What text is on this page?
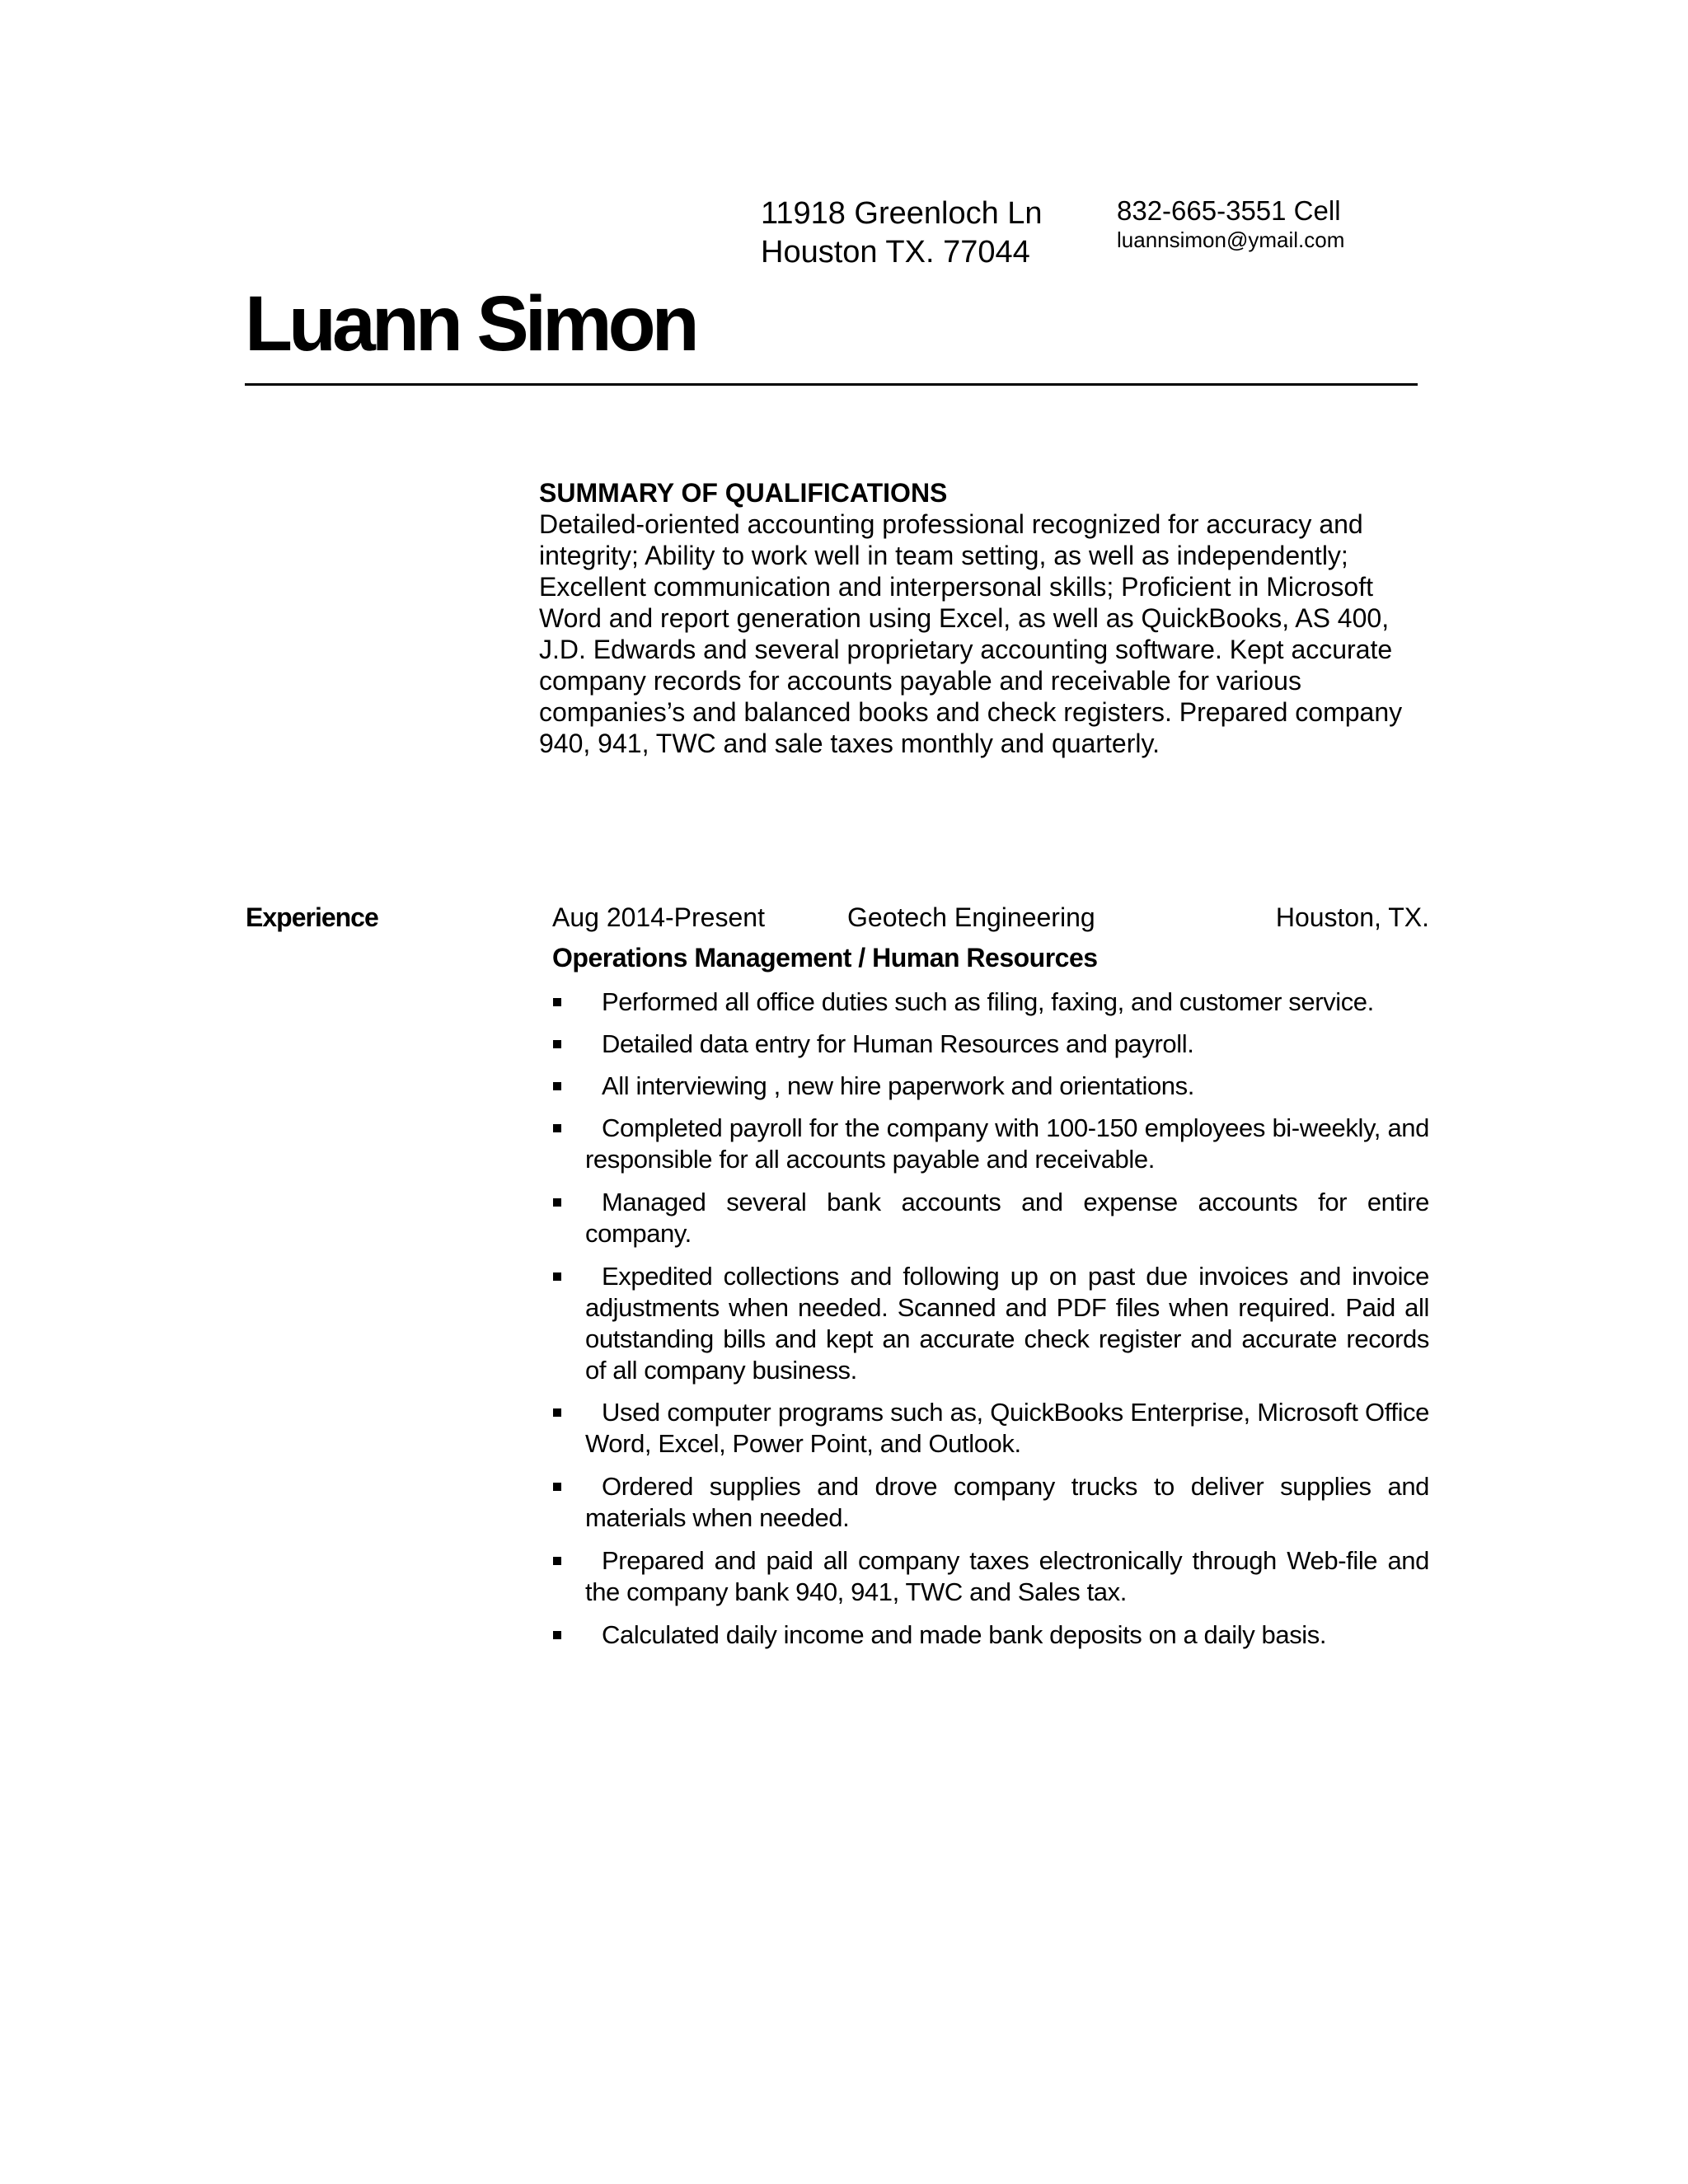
11918 Greenloch Ln
Houston TX. 77044
832-665-3551 Cell
luannsimon@ymail.com
Luann Simon
SUMMARY OF QUALIFICATIONS
Detailed-oriented accounting professional recognized for accuracy and integrity; Ability to work well in team setting, as well as independently; Excellent communication and interpersonal skills; Proficient in Microsoft Word and report generation using Excel, as well as QuickBooks, AS 400, J.D. Edwards and several proprietary accounting software. Kept accurate company records for accounts payable and receivable for various companies’s and balanced books and check registers. Prepared company 940, 941, TWC and sale taxes monthly and quarterly.
Experience	Aug 2014-Present	Geotech Engineering	Houston, TX.
Operations Management / Human Resources
Performed all office duties such as filing, faxing, and customer service.
Detailed data entry for Human Resources and payroll.
All interviewing , new hire paperwork and orientations.
Completed payroll for the company with 100-150 employees bi-weekly, and responsible for all accounts payable and receivable.
Managed several bank accounts and expense accounts for entire company.
Expedited collections and following up on past due invoices and invoice adjustments when needed. Scanned and PDF files when required. Paid all outstanding bills and kept an accurate check register and accurate records of all company business.
Used computer programs such as, QuickBooks Enterprise, Microsoft Office Word, Excel, Power Point, and Outlook.
Ordered supplies and drove company trucks to deliver supplies and materials when needed.
Prepared and paid all company taxes electronically through Web-file and the company bank 940, 941, TWC and Sales tax.
Calculated daily income and made bank deposits on a daily basis.
